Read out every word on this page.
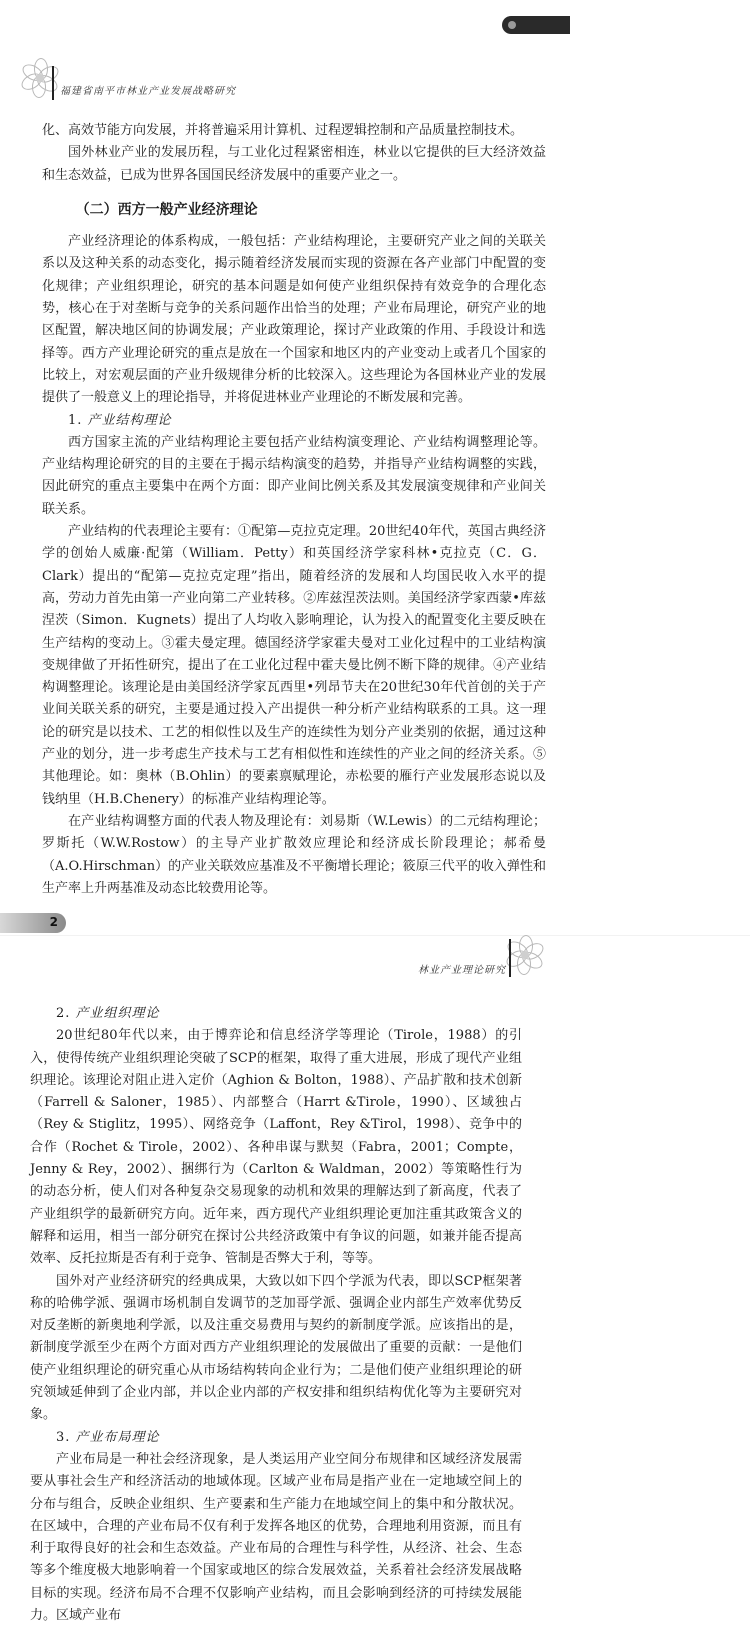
福建省南平市林业产业发展战略研究

化、高效节能方向发展，并将普遍采用计算机、过程逻辑控制和产品质量控制技术。

国外林业产业的发展历程，与工业化过程紧密相连，林业以它提供的巨大经济效益和生态效益，已成为世界各国国民经济发展中的重要产业之一。

（二）西方一般产业经济理论

产业经济理论的体系构成，一般包括：产业结构理论，主要研究产业之间的关联关系以及这种关系的动态变化，揭示随着经济发展而实现的资源在各产业部门中配置的变化规律；产业组织理论，研究的基本问题是如何使产业组织保持有效竞争的合理化态势，核心在于对垄断与竞争的关系问题作出恰当的处理；产业布局理论，研究产业的地区配置，解决地区间的协调发展；产业政策理论，探讨产业政策的作用、手段设计和选择等。西方产业理论研究的重点是放在一个国家和地区内的产业变动上或者几个国家的比较上，对宏观层面的产业升级规律分析的比较深入。这些理论为各国林业产业的发展提供了一般意义上的理论指导，并将促进林业产业理论的不断发展和完善。

1. 产业结构理论

西方国家主流的产业结构理论主要包括产业结构演变理论、产业结构调整理论等。产业结构理论研究的目的主要在于揭示结构演变的趋势，并指导产业结构调整的实践，因此研究的重点主要集中在两个方面：即产业间比例关系及其发展演变规律和产业间关联关系。

产业结构的代表理论主要有：①配第—克拉克定理。20世纪40年代，英国古典经济学的创始人威廉·配第（William．Petty）和英国经济学家科林•克拉克（C．G．Clark）提出的“配第—克拉克定理”指出，随着经济的发展和人均国民收入水平的提高，劳动力首先由第一产业向第二产业转移。②库兹涅茨法则。美国经济学家西蒙•库兹涅茨（Simon．Kugnets）提出了人均收入影响理论，认为投入的配置变化主要反映在生产结构的变动上。③霍夫曼定理。德国经济学家霍夫曼对工业化过程中的工业结构演变规律做了开拓性研究，提出了在工业化过程中霍夫曼比例不断下降的规律。④产业结构调整理论。该理论是由美国经济学家瓦西里•列昂节夫在20世纪30年代首创的关于产业间关联关系的研究，主要是通过投入产出提供一种分析产业结构联系的工具。这一理论的研究是以技术、工艺的相似性以及生产的连续性为划分产业类别的依据，通过这种产业的划分，进一步考虑生产技术与工艺有相似性和连续性的产业之间的经济关系。⑤其他理论。如：奥林（B.Ohlin）的要素禀赋理论，赤松要的雁行产业发展形态说以及钱纳里（H.B.Chenery）的标准产业结构理论等。

在产业结构调整方面的代表人物及理论有：刘易斯（W.Lewis）的二元结构理论；罗斯托（W.W.Rostow）的主导产业扩散效应理论和经济成长阶段理论；郝希曼（A.O.Hirschman）的产业关联效应基准及不平衡增长理论；筱原三代平的收入弹性和生产率上升两基准及动态比较费用论等。

2
林业产业理论研究

2. 产业组织理论

20世纪80年代以来，由于博弈论和信息经济学等理论（Tirole，1988）的引入，使得传统产业组织理论突破了SCP的框架，取得了重大进展，形成了现代产业组织理论。该理论对阻止进入定价（Aghion & Bolton，1988）、产品扩散和技术创新（Farrell & Saloner，1985）、内部整合（Harrt &Tirole，1990）、区域独占（Rey & Stiglitz，1995）、网络竞争（Laffont，Rey &Tirol，1998）、竞争中的合作（Rochet & Tirole，2002）、各种串谋与默契（Fabra，2001；Compte，Jenny & Rey，2002）、捆绑行为（Carlton & Waldman，2002）等策略性行为的动态分析，使人们对各种复杂交易现象的动机和效果的理解达到了新高度，代表了产业组织学的最新研究方向。近年来，西方现代产业组织理论更加注重其政策含义的解释和运用，相当一部分研究在探讨公共经济政策中有争议的问题，如兼并能否提高效率、反托拉斯是否有利于竞争、管制是否弊大于利，等等。

国外对产业经济研究的经典成果，大致以如下四个学派为代表，即以SCP框架著称的哈佛学派、强调市场机制自发调节的芝加哥学派、强调企业内部生产效率优势反对反垄断的新奥地利学派，以及注重交易费用与契约的新制度学派。应该指出的是，新制度学派至少在两个方面对西方产业组织理论的发展做出了重要的贡献：一是他们使产业组织理论的研究重心从市场结构转向企业行为；二是他们使产业组织理论的研究领域延伸到了企业内部，并以企业内部的产权安排和组织结构优化等为主要研究对象。

3. 产业布局理论

产业布局是一种社会经济现象，是人类运用产业空间分布规律和区域经济发展需要从事社会生产和经济活动的地域体现。区域产业布局是指产业在一定地域空间上的分布与组合，反映企业组织、生产要素和生产能力在地域空间上的集中和分散状况。在区域中，合理的产业布局不仅有利于发挥各地区的优势，合理地利用资源，而且有利于取得良好的社会和生态效益。产业布局的合理性与科学性，从经济、社会、生态等多个维度极大地影响着一个国家或地区的综合发展效益，关系着社会经济发展战略目标的实现。经济布局不合理不仅影响产业结构，而且会影响到经济的可持续发展能力。区域产业布
